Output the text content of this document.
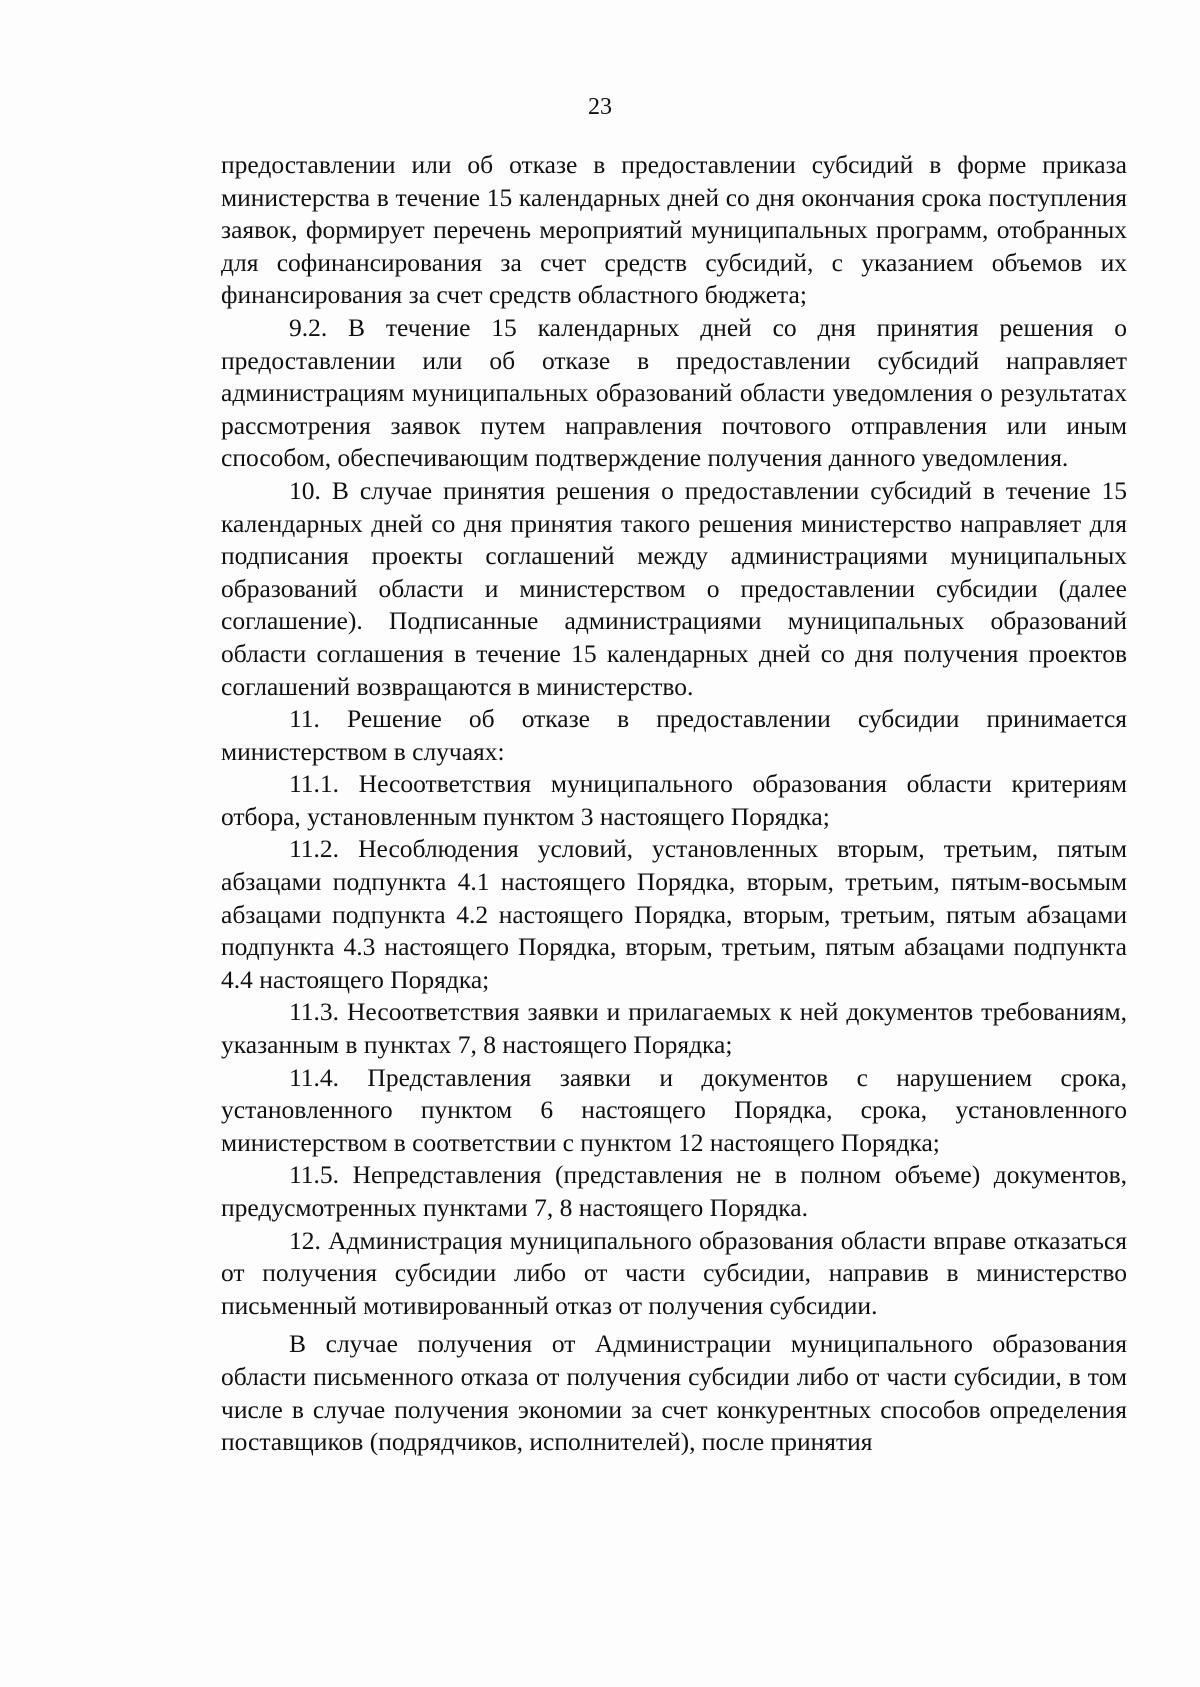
23

предоставлении или об отказе в предоставлении субсидий в форме приказа министерства в течение 15 календарных дней со дня окончания срока поступления заявок, формирует перечень мероприятий муниципальных программ, отобранных для софинансирования за счет средств субсидий, с указанием объемов их финансирования за счет средств областного бюджета;

9.2. В течение 15 календарных дней со дня принятия решения о предоставлении или об отказе в предоставлении субсидий направляет администрациям муниципальных образований области уведомления о результатах рассмотрения заявок путем направления почтового отправления или иным способом, обеспечивающим подтверждение получения данного уведомления.

10. В случае принятия решения о предоставлении субсидий в течение 15 календарных дней со дня принятия такого решения министерство направляет для подписания проекты соглашений между администрациями муниципальных образований области и министерством о предоставлении субсидии (далее соглашение). Подписанные администрациями муниципальных образований области соглашения в течение 15 календарных дней со дня получения проектов соглашений возвращаются в министерство.

11. Решение об отказе в предоставлении субсидии принимается министерством в случаях:

11.1. Несоответствия муниципального образования области критериям отбора, установленным пунктом 3 настоящего Порядка;

11.2. Несоблюдения условий, установленных вторым, третьим, пятым абзацами подпункта 4.1 настоящего Порядка, вторым, третьим, пятым-восьмым абзацами подпункта 4.2 настоящего Порядка, вторым, третьим, пятым абзацами подпункта 4.3 настоящего Порядка, вторым, третьим, пятым абзацами подпункта 4.4 настоящего Порядка;

11.3. Несоответствия заявки и прилагаемых к ней документов требованиям, указанным в пунктах 7, 8 настоящего Порядка;

11.4. Представления заявки и документов с нарушением срока, установленного пунктом 6 настоящего Порядка, срока, установленного министерством в соответствии с пунктом 12 настоящего Порядка;

11.5. Непредставления (представления не в полном объеме) документов, предусмотренных пунктами 7, 8 настоящего Порядка.

12. Администрация муниципального образования области вправе отказаться от получения субсидии либо от части субсидии, направив в министерство письменный мотивированный отказ от получения субсидии.

В случае получения от Администрации муниципального образования области письменного отказа от получения субсидии либо от части субсидии, в том числе в случае получения экономии за счет конкурентных способов определения поставщиков (подрядчиков, исполнителей), после принятия
